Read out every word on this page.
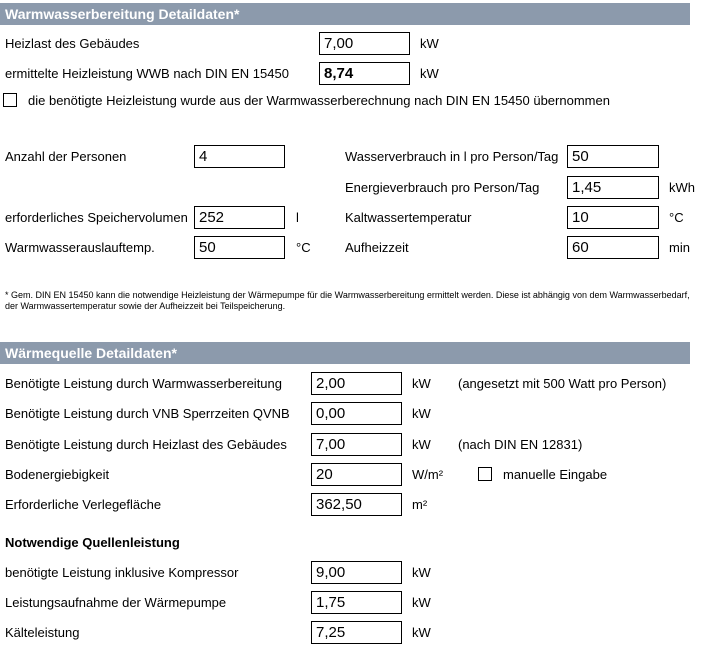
Warmwasserbereitung Detaildaten*
Heizlast des Gebäudes	7,00	kW
ermittelte Heizleistung WWB nach DIN EN 15450	8,74	kW
die benötigte Heizleistung wurde aus der Warmwasserberechnung nach DIN EN 15450 übernommen
Anzahl der Personen	4	Wasserverbrauch in l pro Person/Tag 50
Energieverbrauch pro Person/Tag	1,45	kWh
erforderliches Speichervolumen 252	l	Kaltwassertemperatur	10	°C
Warmwasserauslauftemp.	50	°C	Aufheizzeit	60	min
* Gem. DIN EN 15450 kann die notwendige Heizleistung der Wärmepumpe für die Warmwasserbereitung ermittelt werden. Diese ist abhängig von dem Warmwasserbedarf, der Warmwassertemperatur sowie der Aufheizzeit bei Teilspeicherung.
Wärmequelle Detaildaten*
Benötigte Leistung durch Warmwasserbereitung	2,00	kW (angesetzt mit 500 Watt pro Person)
Benötigte Leistung durch VNB Sperrzeiten QVNB	0,00	kW
Benötigte Leistung durch Heizlast des Gebäudes	7,00	kW (nach DIN EN 12831)
Bodenergiebigkeit	20	W/m²	manuelle Eingabe
Erforderliche Verlegefläche	362,50	m²
Notwendige Quellenleistung
benötigte Leistung inklusive Kompressor	9,00	kW
Leistungsaufnahme der Wärmepumpe	1,75	kW
Kälteleistung	7,25	kW
